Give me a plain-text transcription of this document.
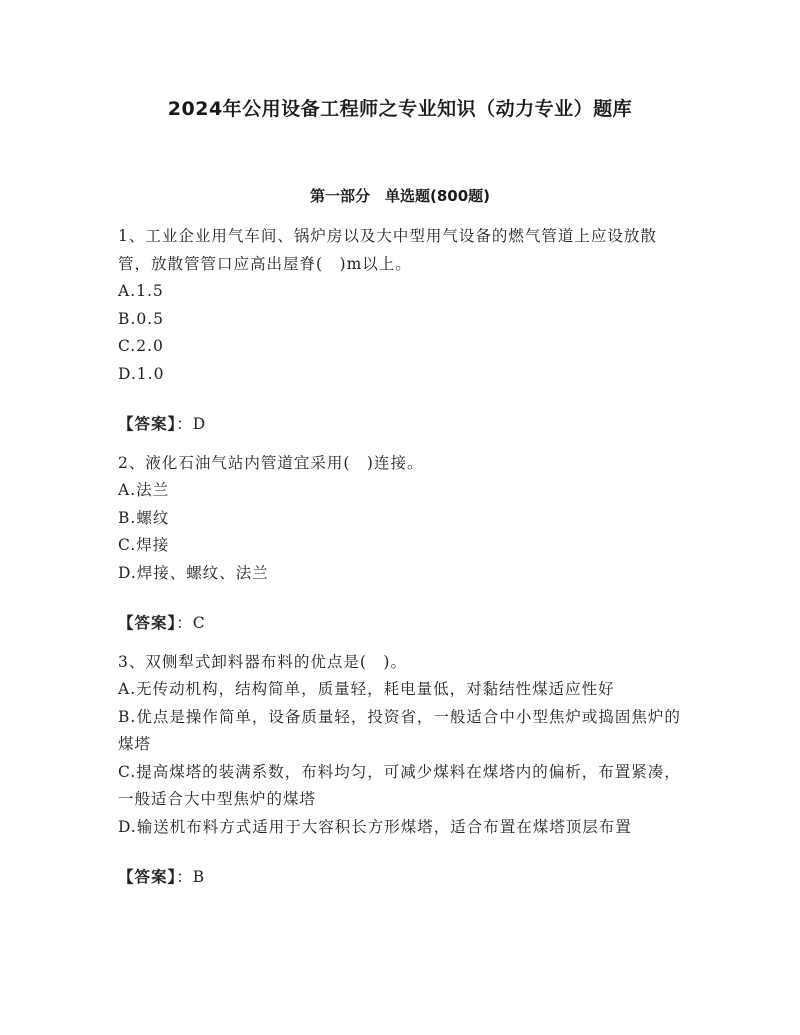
2024年公用设备工程师之专业知识（动力专业）题库
第一部分　单选题(800题)
1、工业企业用气车间、锅炉房以及大中型用气设备的燃气管道上应设放散管，放散管管口应高出屋脊(　)m以上。
A.1.5
B.0.5
C.2.0
D.1.0
【答案】：D
2、液化石油气站内管道宜采用(　)连接。
A.法兰
B.螺纹
C.焊接
D.焊接、螺纹、法兰
【答案】：C
3、双侧犁式卸料器布料的优点是(　)。
A.无传动机构，结构简单，质量轻，耗电量低，对黏结性煤适应性好
B.优点是操作简单，设备质量轻，投资省，一般适合中小型焦炉或捣固焦炉的煤塔
C.提高煤塔的装满系数，布料均匀，可减少煤料在煤塔内的偏析，布置紧凑，一般适合大中型焦炉的煤塔
D.输送机布料方式适用于大容积长方形煤塔，适合布置在煤塔顶层布置
【答案】：B
